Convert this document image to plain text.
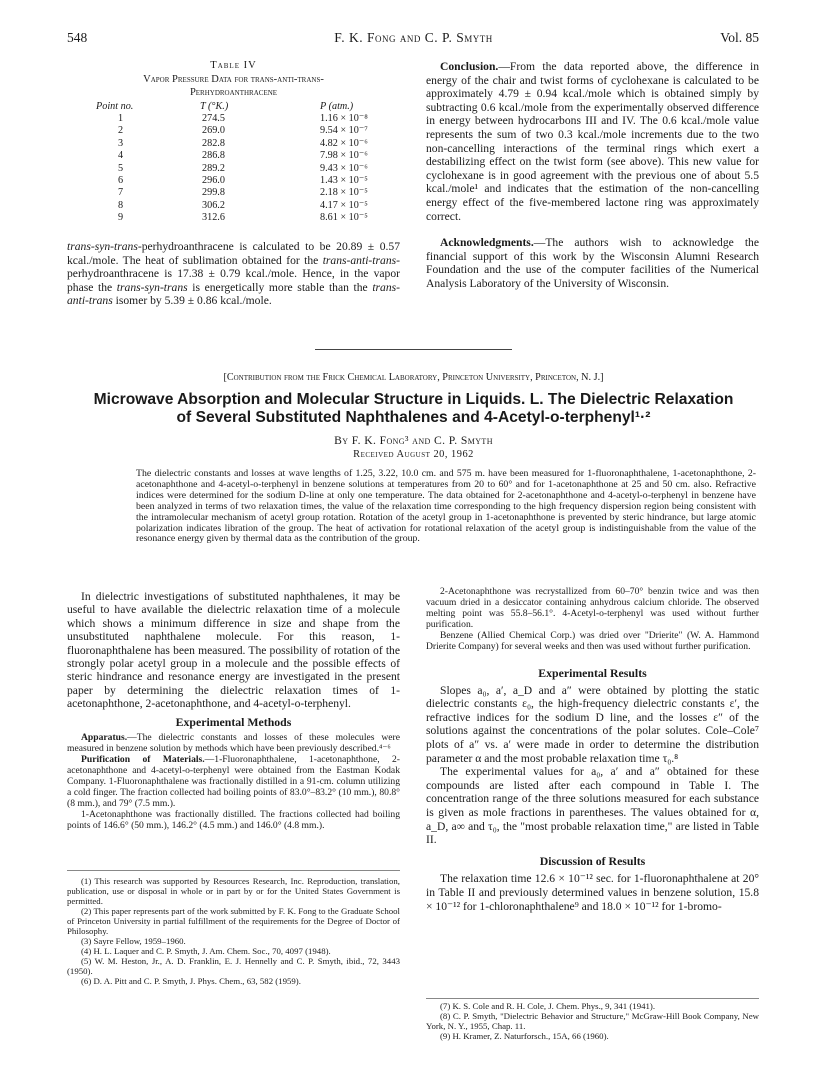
548	F. K. Fong and C. P. Smyth	Vol. 85
Table IV
Vapor Pressure Data for trans-anti-trans-
Perhydroanthracene
Point no.	T (°K.)	P (atm.)
1	274.5	1.16 × 10⁻⁸
2	269.0	9.54 × 10⁻⁷
3	282.8	4.82 × 10⁻⁶
4	286.8	7.98 × 10⁻⁶
5	289.2	9.43 × 10⁻⁶
6	296.0	1.43 × 10⁻⁵
7	299.8	2.18 × 10⁻⁵
8	306.2	4.17 × 10⁻⁵
9	312.6	8.61 × 10⁻⁵

trans-syn-trans-perhydroanthracene is calculated to be 20.89 ± 0.57 kcal./mole. The heat of sublimation obtained for the trans-anti-trans-perhydroanthracene is 17.38 ± 0.79 kcal./mole. Hence, in the vapor phase the trans-syn-trans is energetically more stable than the trans-anti-trans isomer by 5.39 ± 0.86 kcal./mole.

Conclusion.—From the data reported above, the difference in energy of the chair and twist forms of cyclohexane is calculated to be approximately 4.79 ± 0.94 kcal./mole which is obtained simply by subtracting 0.6 kcal./mole from the experimentally observed difference in energy between hydrocarbons III and IV. The 0.6 kcal./mole value represents the sum of two 0.3 kcal./mole increments due to the two non-cancelling interactions of the terminal rings which exert a destabilizing effect on the twist form (see above). This new value for cyclohexane is in good agreement with the previous one of about 5.5 kcal./mole¹ and indicates that the estimation of the non-cancelling energy effect of the five-membered lactone ring was approximately correct.

Acknowledgments.—The authors wish to acknowledge the financial support of this work by the Wisconsin Alumni Research Foundation and the use of the computer facilities of the Numerical Analysis Laboratory of the University of Wisconsin.

[Contribution from the Frick Chemical Laboratory, Princeton University, Princeton, N. J.]
Microwave Absorption and Molecular Structure in Liquids. L. The Dielectric Relaxation
of Several Substituted Naphthalenes and 4-Acetyl-o-terphenyl¹·²
By F. K. Fong³ and C. P. Smyth
Received August 20, 1962
The dielectric constants and losses at wave lengths of 1.25, 3.22, 10.0 cm. and 575 m. have been measured for 1-fluoronaphthalene, 1-acetonaphthone, 2-acetonaphthone and 4-acetyl-o-terphenyl in benzene solutions at temperatures from 20 to 60° and for 1-acetonaphthone at 25 and 50 cm. also. Refractive indices were determined for the sodium D-line at only one temperature. The data obtained for 2-acetonaphthone and 4-acetyl-o-terphenyl in benzene have been analyzed in terms of two relaxation times, the value of the relaxation time corresponding to the high frequency dispersion region being consistent with the intramolecular mechanism of acetyl group rotation. Rotation of the acetyl group in 1-acetonaphthone is prevented by steric hindrance, but large atomic polarization indicates libration of the group. The heat of activation for rotational relaxation of the acetyl group is indistinguishable from the value of the resonance energy given by thermal data as the contribution of the group.

In dielectric investigations of substituted naphthalenes, it may be useful to have available the dielectric relaxation time of a molecule which shows a minimum difference in size and shape from the unsubstituted naphthalene molecule. For this reason, 1-fluoronaphthalene has been measured. The possibility of rotation of the strongly polar acetyl group in a molecule and the possible effects of steric hindrance and resonance energy are investigated in the present paper by determining the dielectric relaxation times of 1-acetonaphthone, 2-acetonaphthone, and 4-acetyl-o-terphenyl.

Experimental Methods

Apparatus.—The dielectric constants and losses of these molecules were measured in benzene solution by methods which have been previously described.⁴⁻⁶

Purification of Materials.—1-Fluoronaphthalene, 1-acetonaphthone, 2-acetonaphthone and 4-acetyl-o-terphenyl were obtained from the Eastman Kodak Company. 1-Fluoronaphthalene was fractionally distilled in a 91-cm. column utilizing a cold finger. The fraction collected had boiling points of 83.0°–83.2° (10 mm.), 80.8° (8 mm.), and 79° (7.5 mm.).

1-Acetonaphthone was fractionally distilled. The fractions collected had boiling points of 146.6° (50 mm.), 146.2° (4.5 mm.) and 146.0° (4.8 mm.).

(1) This research was supported by Resources Research, Inc. Reproduction, translation, publication, use or disposal in whole or in part by or for the United States Government is permitted.

(2) This paper represents part of the work submitted by F. K. Fong to the Graduate School of Princeton University in partial fulfillment of the requirements for the Degree of Doctor of Philosophy.

(3) Sayre Fellow, 1959–1960.

(4) H. L. Laquer and C. P. Smyth, J. Am. Chem. Soc., 70, 4097 (1948).

(5) W. M. Heston, Jr., A. D. Franklin, E. J. Hennelly and C. P. Smyth, ibid., 72, 3443 (1950).

(6) D. A. Pitt and C. P. Smyth, J. Phys. Chem., 63, 582 (1959).

2-Acetonaphthone was recrystallized from 60–70° benzin twice and was then vacuum dried in a desiccator containing anhydrous calcium chloride. The observed melting point was 55.8–56.1°. 4-Acetyl-o-terphenyl was used without further purification.

Benzene (Allied Chemical Corp.) was dried over "Drierite" (W. A. Hammond Drierite Company) for several weeks and then was used without further purification.

Experimental Results

Slopes a₀, a′, a_D and a″ were obtained by plotting the static dielectric constants ε₀, the high-frequency dielectric constants ε′, the refractive indices for the sodium D line, and the losses ε″ of the solutions against the concentrations of the polar solutes. Cole–Cole⁷ plots of a″ vs. a′ were made in order to determine the distribution parameter α and the most probable relaxation time τ₀.⁸

The experimental values for a₀, a′ and a″ obtained for these compounds are listed after each compound in Table I. The concentration range of the three solutions measured for each substance is given as mole fractions in parentheses. The values obtained for α, a_D, a∞ and τ₀, the "most probable relaxation time," are listed in Table II.

Discussion of Results

The relaxation time 12.6 × 10⁻¹² sec. for 1-fluoronaphthalene at 20° in Table II and previously determined values in benzene solution, 15.8 × 10⁻¹² for 1-chloronaphthalene⁹ and 18.0 × 10⁻¹² for 1-bromo-

(7) K. S. Cole and R. H. Cole, J. Chem. Phys., 9, 341 (1941).

(8) C. P. Smyth, "Dielectric Behavior and Structure," McGraw-Hill Book Company, New York, N. Y., 1955, Chap. 11.

(9) H. Kramer, Z. Naturforsch., 15A, 66 (1960).
